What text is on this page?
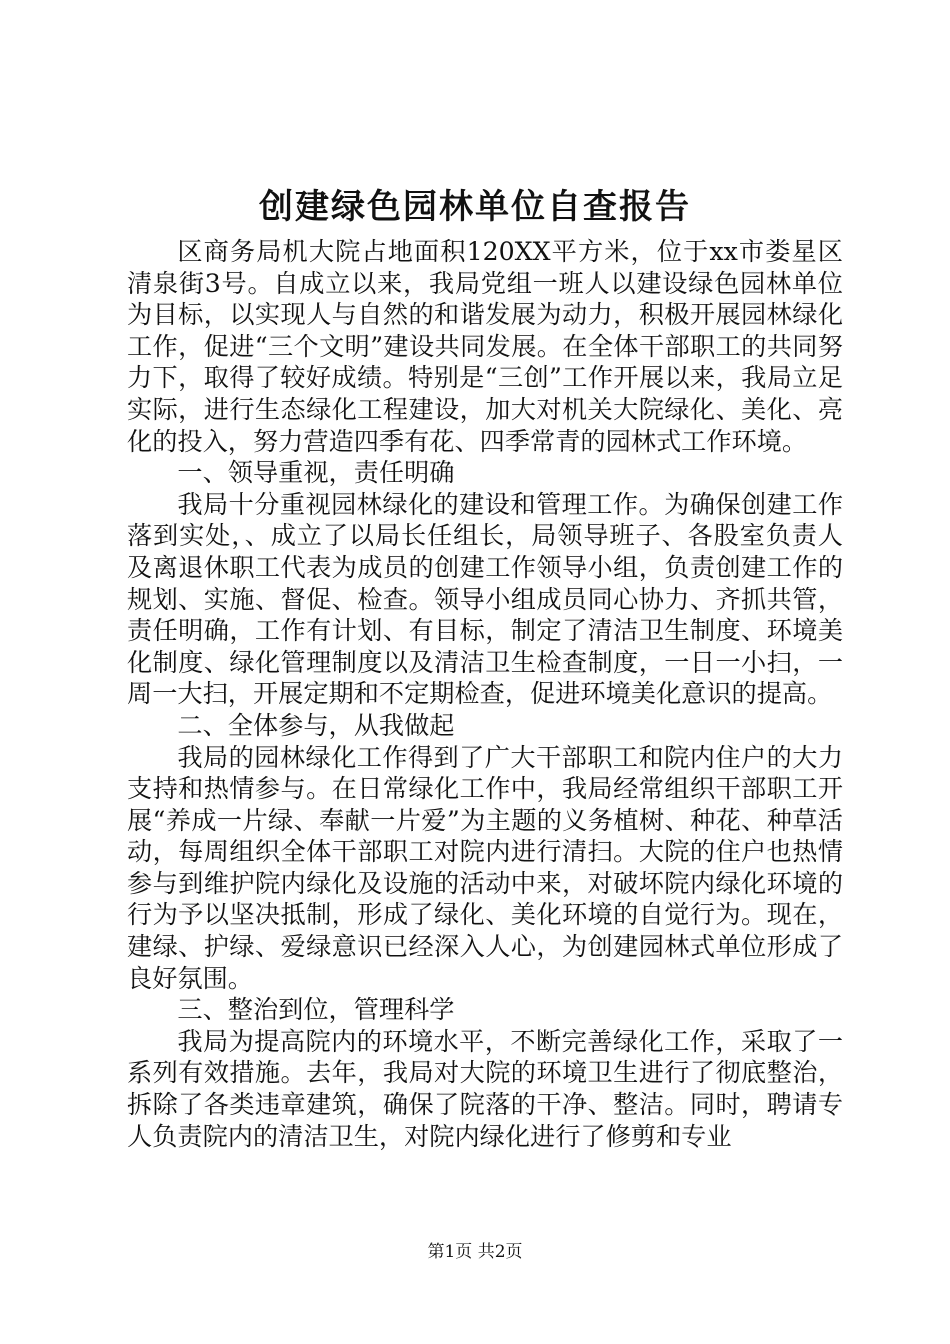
创建绿色园林单位自查报告

区商务局机大院占地面积120XX平方米，位于xx市娄星区清泉街3号。自成立以来，我局党组一班人以建设绿色园林单位为目标，以实现人与自然的和谐发展为动力，积极开展园林绿化工作，促进“三个文明”建设共同发展。在全体干部职工的共同努力下，取得了较好成绩。特别是“三创”工作开展以来，我局立足实际，进行生态绿化工程建设，加大对机关大院绿化、美化、亮化的投入，努力营造四季有花、四季常青的园林式工作环境。

一、领导重视，责任明确

我局十分重视园林绿化的建设和管理工作。为确保创建工作落到实处，、成立了以局长任组长，局领导班子、各股室负责人及离退休职工代表为成员的创建工作领导小组，负责创建工作的规划、实施、督促、检查。领导小组成员同心协力、齐抓共管，责任明确，工作有计划、有目标，制定了清洁卫生制度、环境美化制度、绿化管理制度以及清洁卫生检查制度，一日一小扫，一周一大扫，开展定期和不定期检查，促进环境美化意识的提高。

二、全体参与，从我做起

我局的园林绿化工作得到了广大干部职工和院内住户的大力支持和热情参与。在日常绿化工作中，我局经常组织干部职工开展“养成一片绿、奉献一片爱”为主题的义务植树、种花、种草活动，每周组织全体干部职工对院内进行清扫。大院的住户也热情参与到维护院内绿化及设施的活动中来，对破坏院内绿化环境的行为予以坚决抵制，形成了绿化、美化环境的自觉行为。现在，建绿、护绿、爱绿意识已经深入人心，为创建园林式单位形成了良好氛围。

三、整治到位，管理科学

我局为提高院内的环境水平，不断完善绿化工作，采取了一系列有效措施。去年，我局对大院的环境卫生进行了彻底整治，拆除了各类违章建筑，确保了院落的干净、整洁。同时，聘请专人负责院内的清洁卫生，对院内绿化进行了修剪和专业

第1页 共2页
